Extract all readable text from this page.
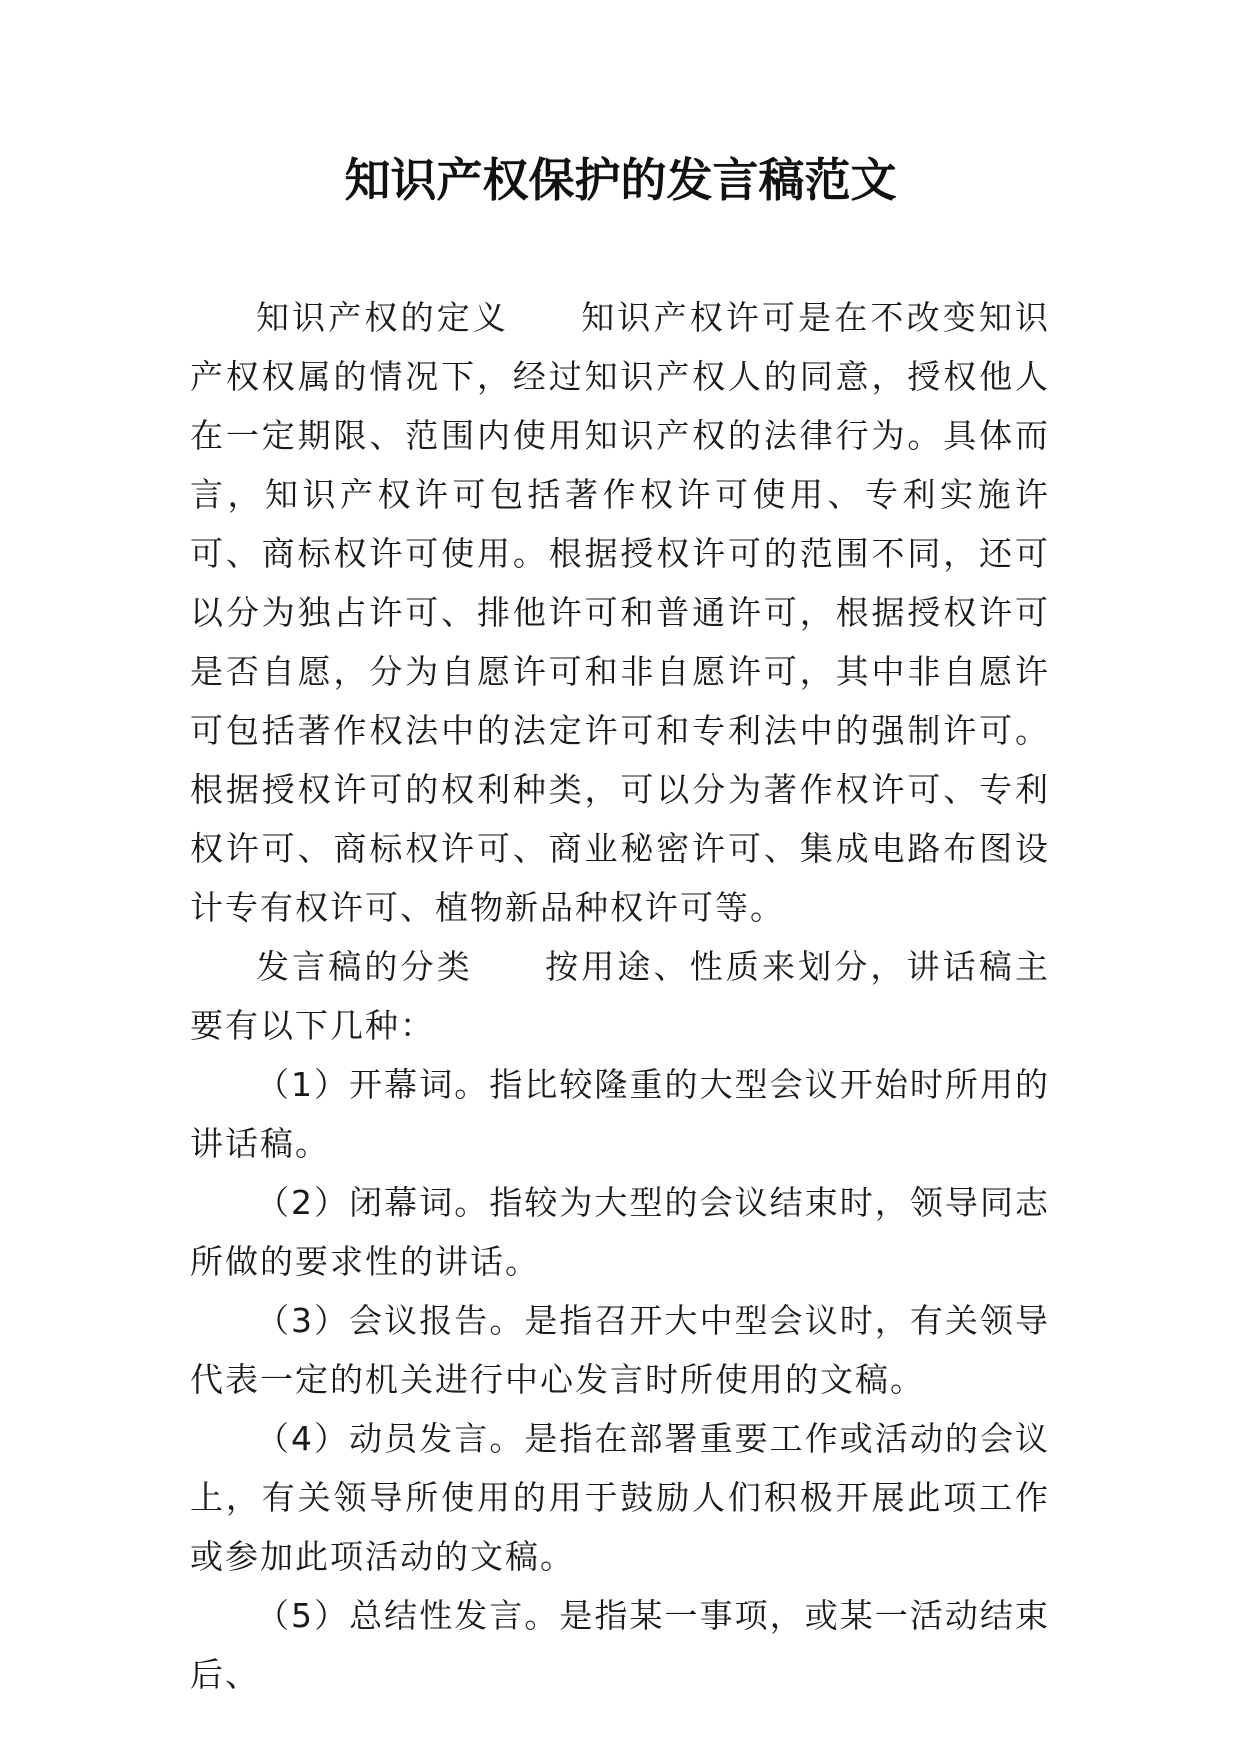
知识产权保护的发言稿范文

知识产权的定义　　知识产权许可是在不改变知识产权权属的情况下，经过知识产权人的同意，授权他人在一定期限、范围内使用知识产权的法律行为。具体而言，知识产权许可包括著作权许可使用、专利实施许可、商标权许可使用。根据授权许可的范围不同，还可以分为独占许可、排他许可和普通许可，根据授权许可是否自愿，分为自愿许可和非自愿许可，其中非自愿许可包括著作权法中的法定许可和专利法中的强制许可。根据授权许可的权利种类，可以分为著作权许可、专利权许可、商标权许可、商业秘密许可、集成电路布图设计专有权许可、植物新品种权许可等。

发言稿的分类　　按用途、性质来划分，讲话稿主要有以下几种：

（1）开幕词。指比较隆重的大型会议开始时所用的讲话稿。

（2）闭幕词。指较为大型的会议结束时，领导同志所做的要求性的讲话。

（3）会议报告。是指召开大中型会议时，有关领导代表一定的机关进行中心发言时所使用的文稿。

（4）动员发言。是指在部署重要工作或活动的会议上，有关领导所使用的用于鼓励人们积极开展此项工作或参加此项活动的文稿。

（5）总结性发言。是指某一事项，或某一活动结束后、
